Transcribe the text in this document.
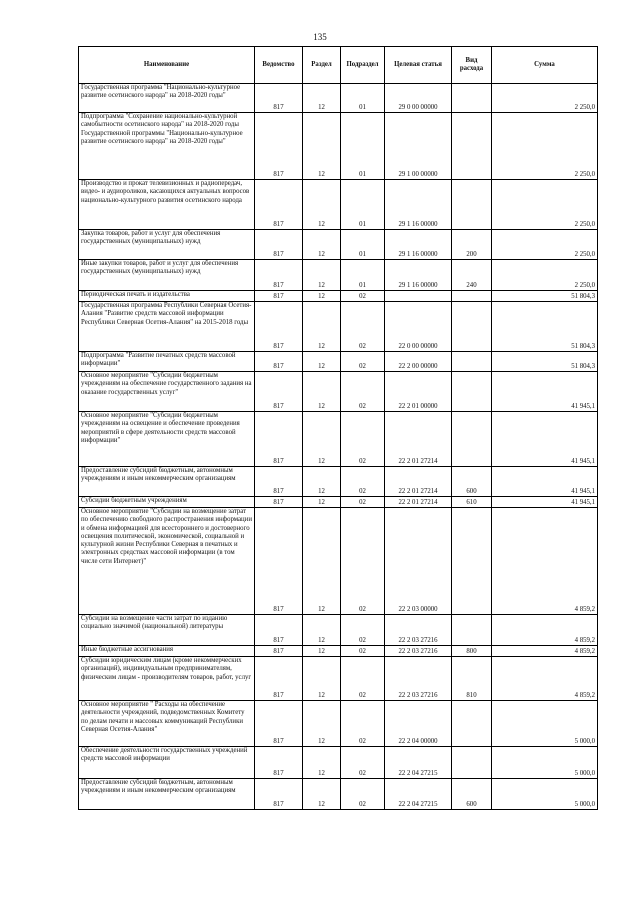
135
Наименование	Ведомство	Раздел	Подраздел	Целевая статья	Вид расхода	Сумма
Государственная программа "Национально-культурное развитие осетинского народа" на 2018-2020 годы"	817	12	01	29 0 00 00000		2 250,0
Подпрограмма "Сохранение национально-культурной самобытности осетинского народа" на 2018-2020 годы Государственной программы "Национально-культурное развитие осетинского народа" на 2018-2020 годы"	817	12	01	29 1 00 00000		2 250,0
Производство и прокат телевизионных и радиопередач, видео- и аудиороликов, касающихся актуальных вопросов национально-культурного развития осетинского народа	817	12	01	29 1 16 00000		2 250,0
Закупка товаров, работ и услуг для обеспечения государственных (муниципальных) нужд	817	12	01	29 1 16 00000	200	2 250,0
Иные закупки товаров, работ и услуг для обеспечения государственных (муниципальных) нужд	817	12	01	29 1 16 00000	240	2 250,0
Периодическая печать и издательства	817	12	02			51 804,3
Государственная программа Республики Северная Осетия-Алания "Развитие средств массовой информации Республики Северная Осетия-Алания" на 2015-2018 годы	817	12	02	22 0 00 00000		51 804,3
Подпрограмма "Развитие печатных средств массовой информации"	817	12	02	22 2 00 00000		51 804,3
Основное мероприятие "Субсидии бюджетным учреждениям на обеспечение государственного задания на оказание государственных услуг"	817	12	02	22 2 01 00000		41 945,1
Основное мероприятие "Субсидии бюджетным учреждениям на освещение и обеспечение проведения мероприятий в сфере деятельности средств массовой информации"	817	12	02	22 2 01 27214		41 945,1
Предоставление субсидий бюджетным, автономным учреждениям и иным некоммерческим организациям	817	12	02	22 2 01 27214	600	41 945,1
Субсидии бюджетным учреждениям	817	12	02	22 2 01 27214	610	41 945,1
Основное мероприятие "Субсидии на возмещение затрат по обеспечению свободного распространения информации и обмена информацией для всестороннего и достоверного освещения политической, экономической, социальной и культурной жизни Республики Северная в печатных и электронных средствах массовой информации (в том числе сети Интернет)"	817	12	02	22 2 03 00000		4 859,2
Субсидии на возмещение части затрат по изданию социально значимой (национальной) литературы	817	12	02	22 2 03 27216		4 859,2
Иные бюджетные ассигнования	817	12	02	22 2 03 27216	800	4 859,2
Субсидии юридическим лицам (кроме некоммерческих организаций), индивидуальным предпринимателям, физическим лицам - производителям товаров, работ, услуг	817	12	02	22 2 03 27216	810	4 859,2
Основное мероприятие " Расходы на обеспечение деятельности учреждений, подведомственных Комитету по делам печати и массовых коммуникаций Республики Северная Осетия-Алания"	817	12	02	22 2 04 00000		5 000,0
Обеспечение деятельности государственных учреждений средств массовой информации	817	12	02	22 2 04 27215		5 000,0
Предоставление субсидий бюджетным, автономным учреждениям и иным некоммерческим организациям	817	12	02	22 2 04 27215	600	5 000,0
